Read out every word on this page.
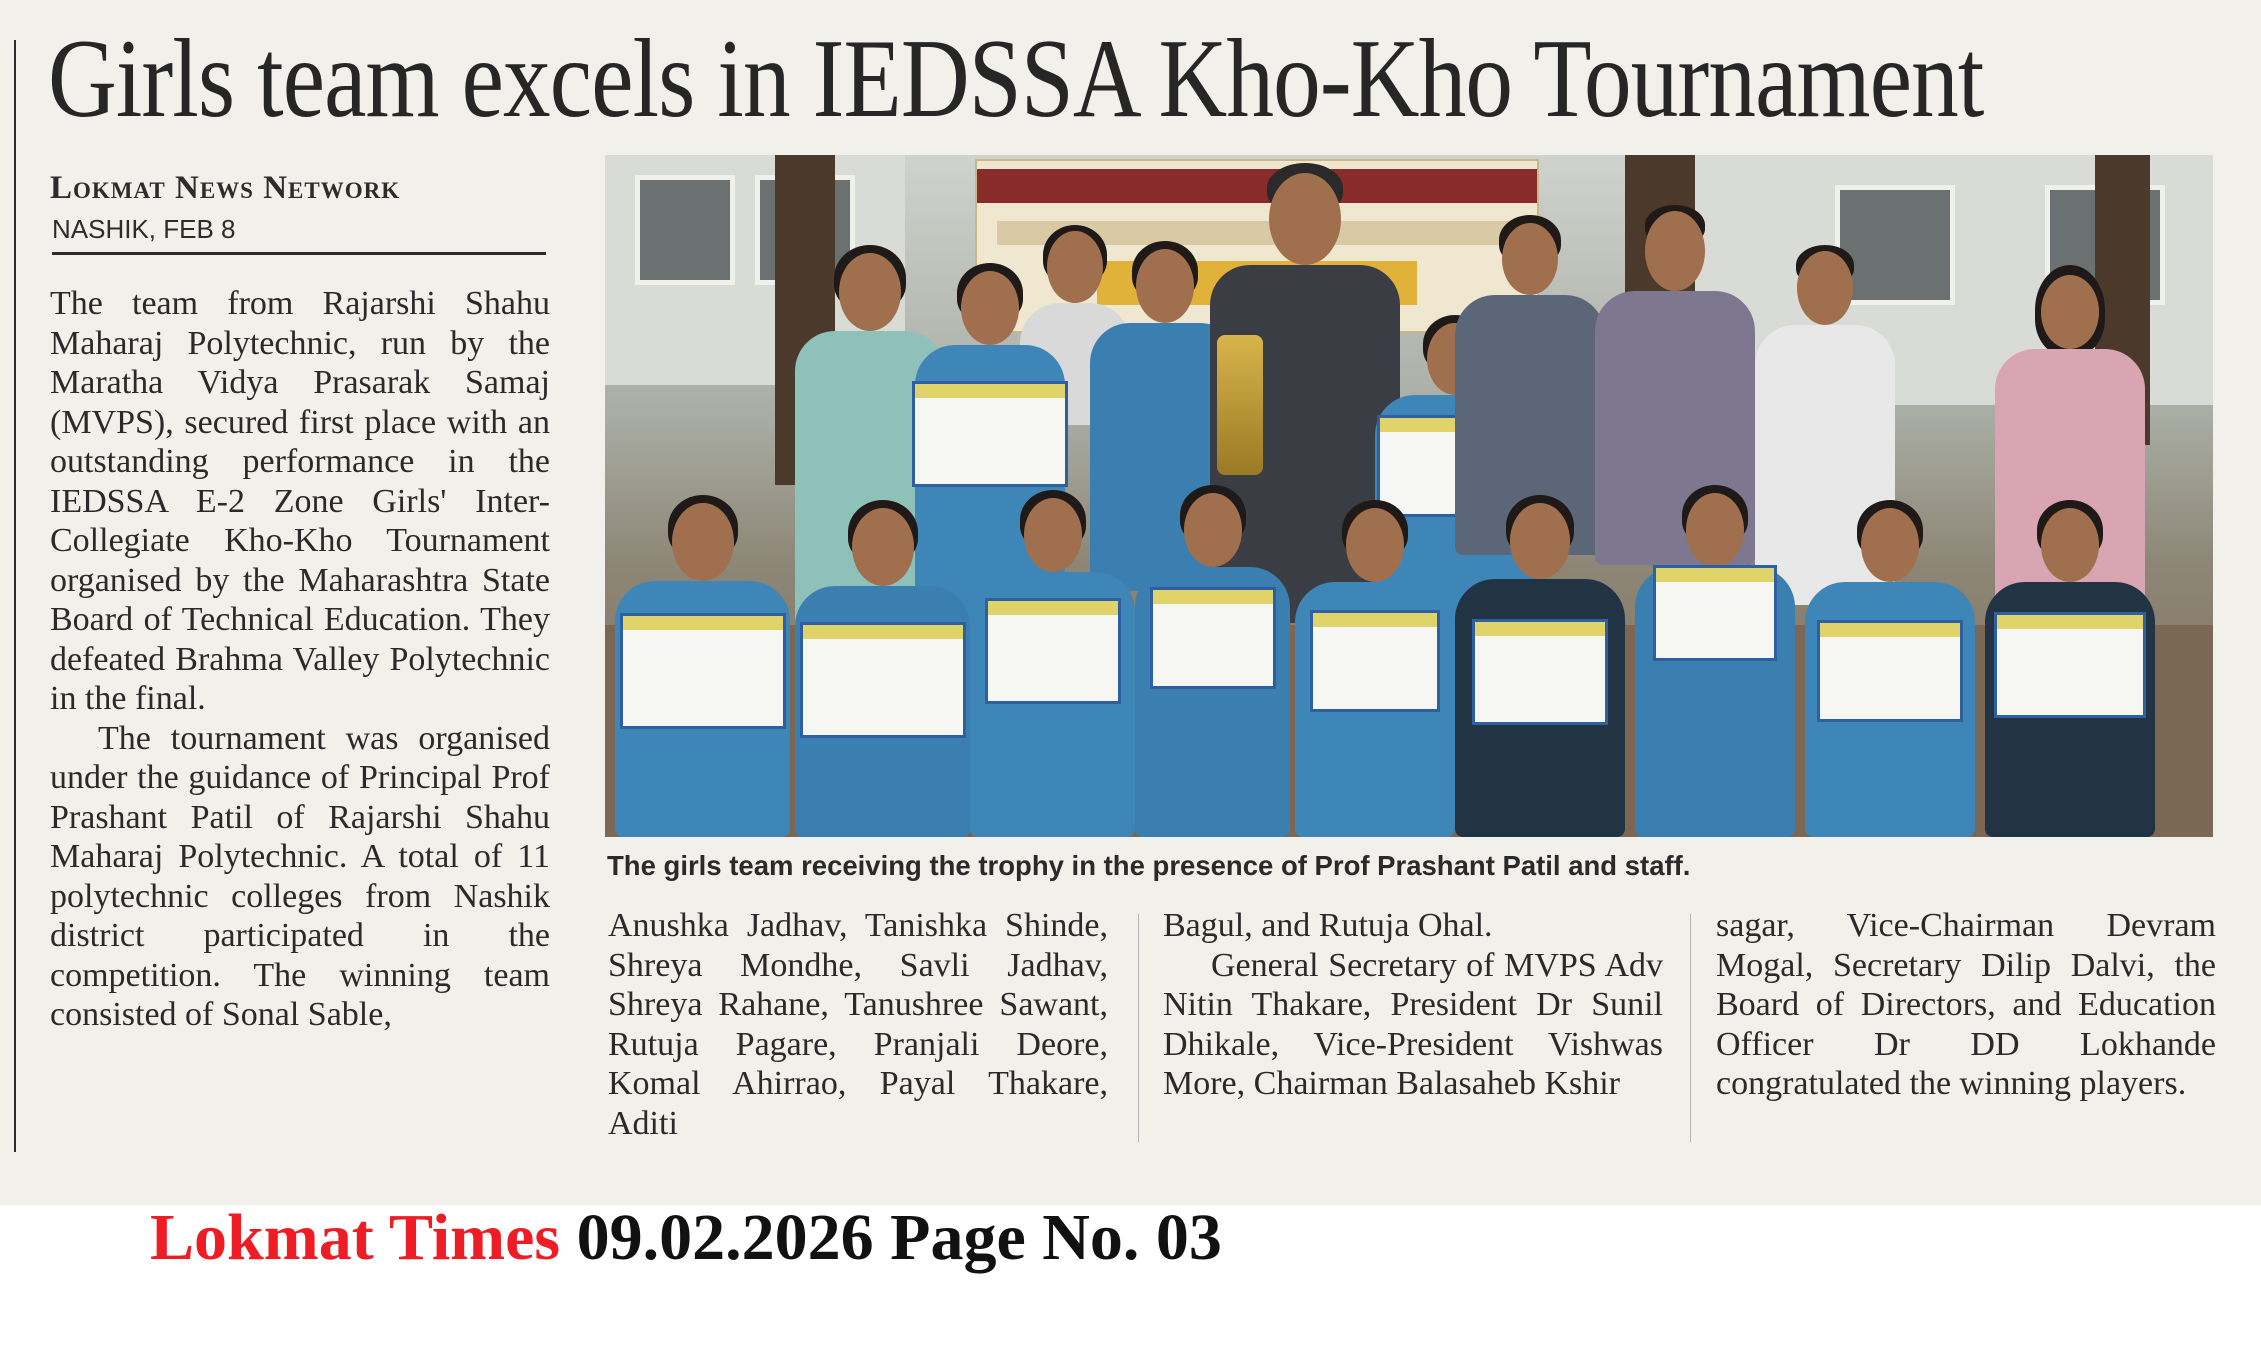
Girls team excels in IEDSSA Kho-Kho Tournament
Lokmat News Network
NASHIK, FEB 8

The team from Rajarshi Shahu Maharaj Polytechnic, run by the Maratha Vidya Prasarak Samaj (MVPS), secured first place with an outstanding performance in the IEDSSA E-2 Zone Girls' Inter-Collegiate Kho-Kho Tournament organised by the Maharashtra State Board of Technical Education. They defeated Brahma Valley Polytechnic in the final.

The tournament was organised under the guidance of Principal Prof Prashant Patil of Rajarshi Shahu Maharaj Polytechnic. A total of 11 polytechnic colleges from Nashik district participated in the competition. The winning team consisted of Sonal Sable,

The girls team receiving the trophy in the presence of Prof Prashant Patil and staff.

Anushka Jadhav, Tanishka Shinde, Shreya Mondhe, Savli Jadhav, Shreya Rahane, Tanushree Sawant, Rutuja Pagare, Pranjali Deore, Komal Ahirrao, Payal Thakare, Aditi

Bagul, and Rutuja Ohal.

General Secretary of MVPS Adv Nitin Thakare, President Dr Sunil Dhikale, Vice-President Vishwas More, Chairman Balasaheb Kshir

sagar, Vice-Chairman Devram Mogal, Secretary Dilip Dalvi, the Board of Directors, and Education Officer Dr DD Lokhande congratulated the winning players.

Lokmat Times 09.02.2026 Page No. 03
